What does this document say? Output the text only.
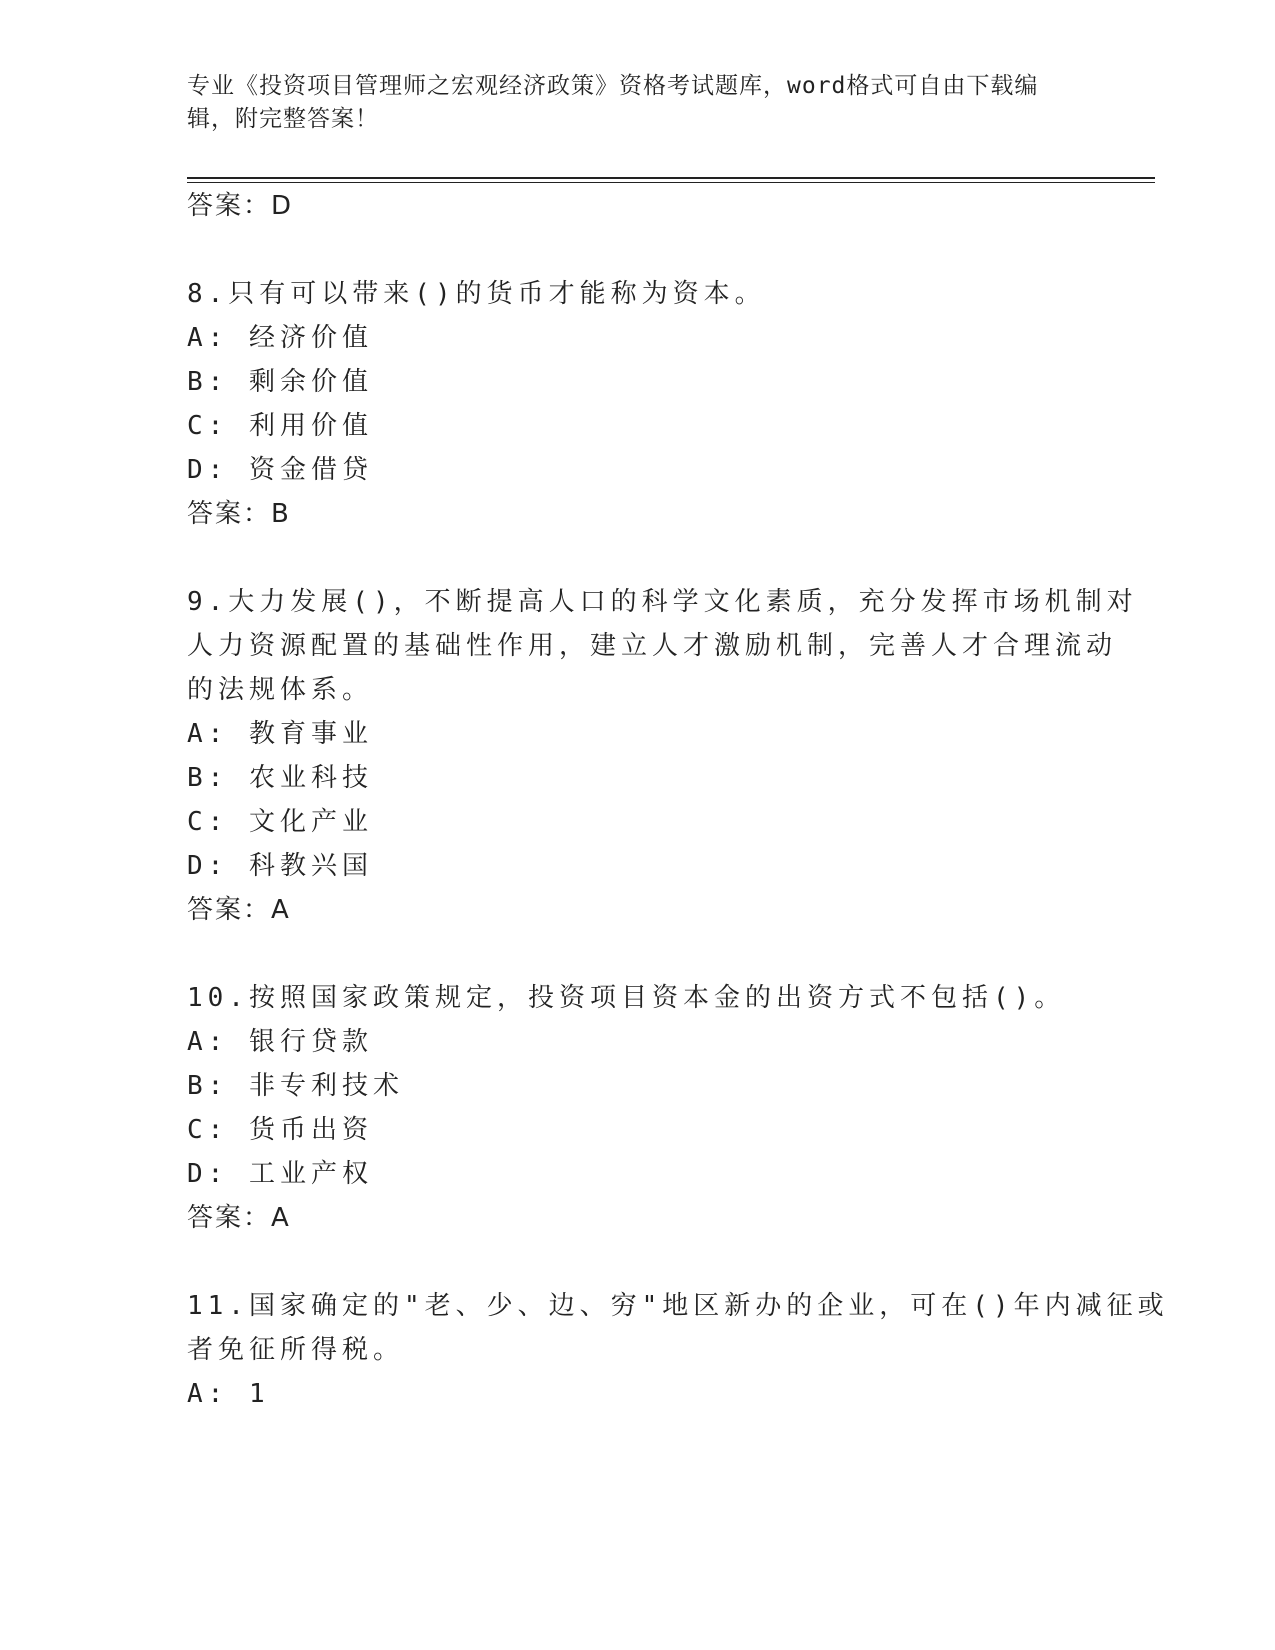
专业《投资项目管理师之宏观经济政策》资格考试题库，word格式可自由下载编
辑，附完整答案！
答案：D
8.只有可以带来()的货币才能称为资本。
A: 经济价值
B: 剩余价值
C: 利用价值
D: 资金借贷
答案：B
9.大力发展()，不断提高人口的科学文化素质，充分发挥市场机制对
人力资源配置的基础性作用，建立人才激励机制，完善人才合理流动
的法规体系。
A: 教育事业
B: 农业科技
C: 文化产业
D: 科教兴国
答案：A
10.按照国家政策规定，投资项目资本金的出资方式不包括()。
A: 银行贷款
B: 非专利技术
C: 货币出资
D: 工业产权
答案：A
11.国家确定的"老、少、边、穷"地区新办的企业，可在()年内减征或
者免征所得税。
A: 1
